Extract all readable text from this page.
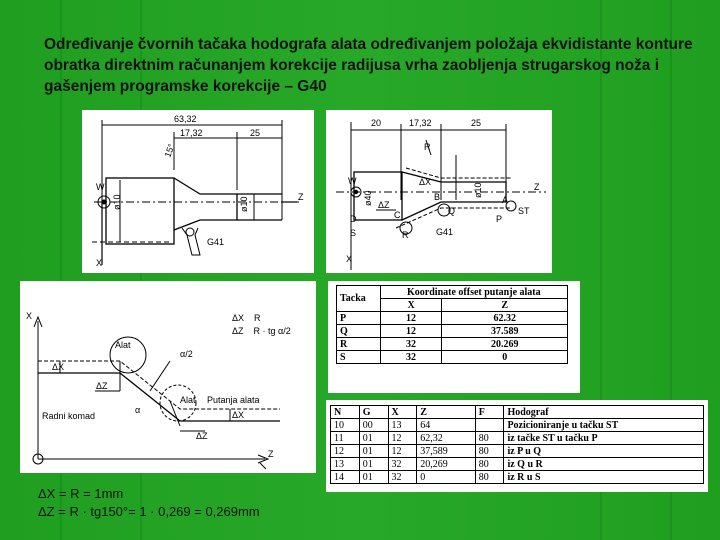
Određivanje čvornih tačaka hodografa alata određivanjem položaja ekvidistante konture obratka direktnim računanjem korekcije radijusa vrha zaobljenja strugarskog noža i gašenjem programske korekcije – G40
63,32
17,32	25
15°
ø10	ø10
W
X
Z
G41
20	17,32	25
R
W
X
Z
G41
ø40
ø10
ΔX
ΔZ	A
B
C
D
S
P
Q
R
ST
X
Z
Alat
Alat Putanja alata
Radni komad
α/2
α
ΔX
ΔZ
ΔX
ΔZ
ΔX    R
ΔZ    R · tg α/2
ΔX = R = 1mm
ΔZ = R · tg150°= 1 · 0,269 = 0,269mm
Tacka	Koordinate offset putanje alata	
	X	Z
P	12	62.32
Q	12	37.589
R	32	20.269
S	32	0
N	G	X	Z	F	Hodograf
10	00	13	64		Pozicioniranje u tačku ST
11	01	12	62,32	80	iz tačke ST u tačku P
12	01	12	37,589	80	iz P u Q
13	01	32	20,269	80	iz Q u R
14	01	32	0	80	iz R u S
